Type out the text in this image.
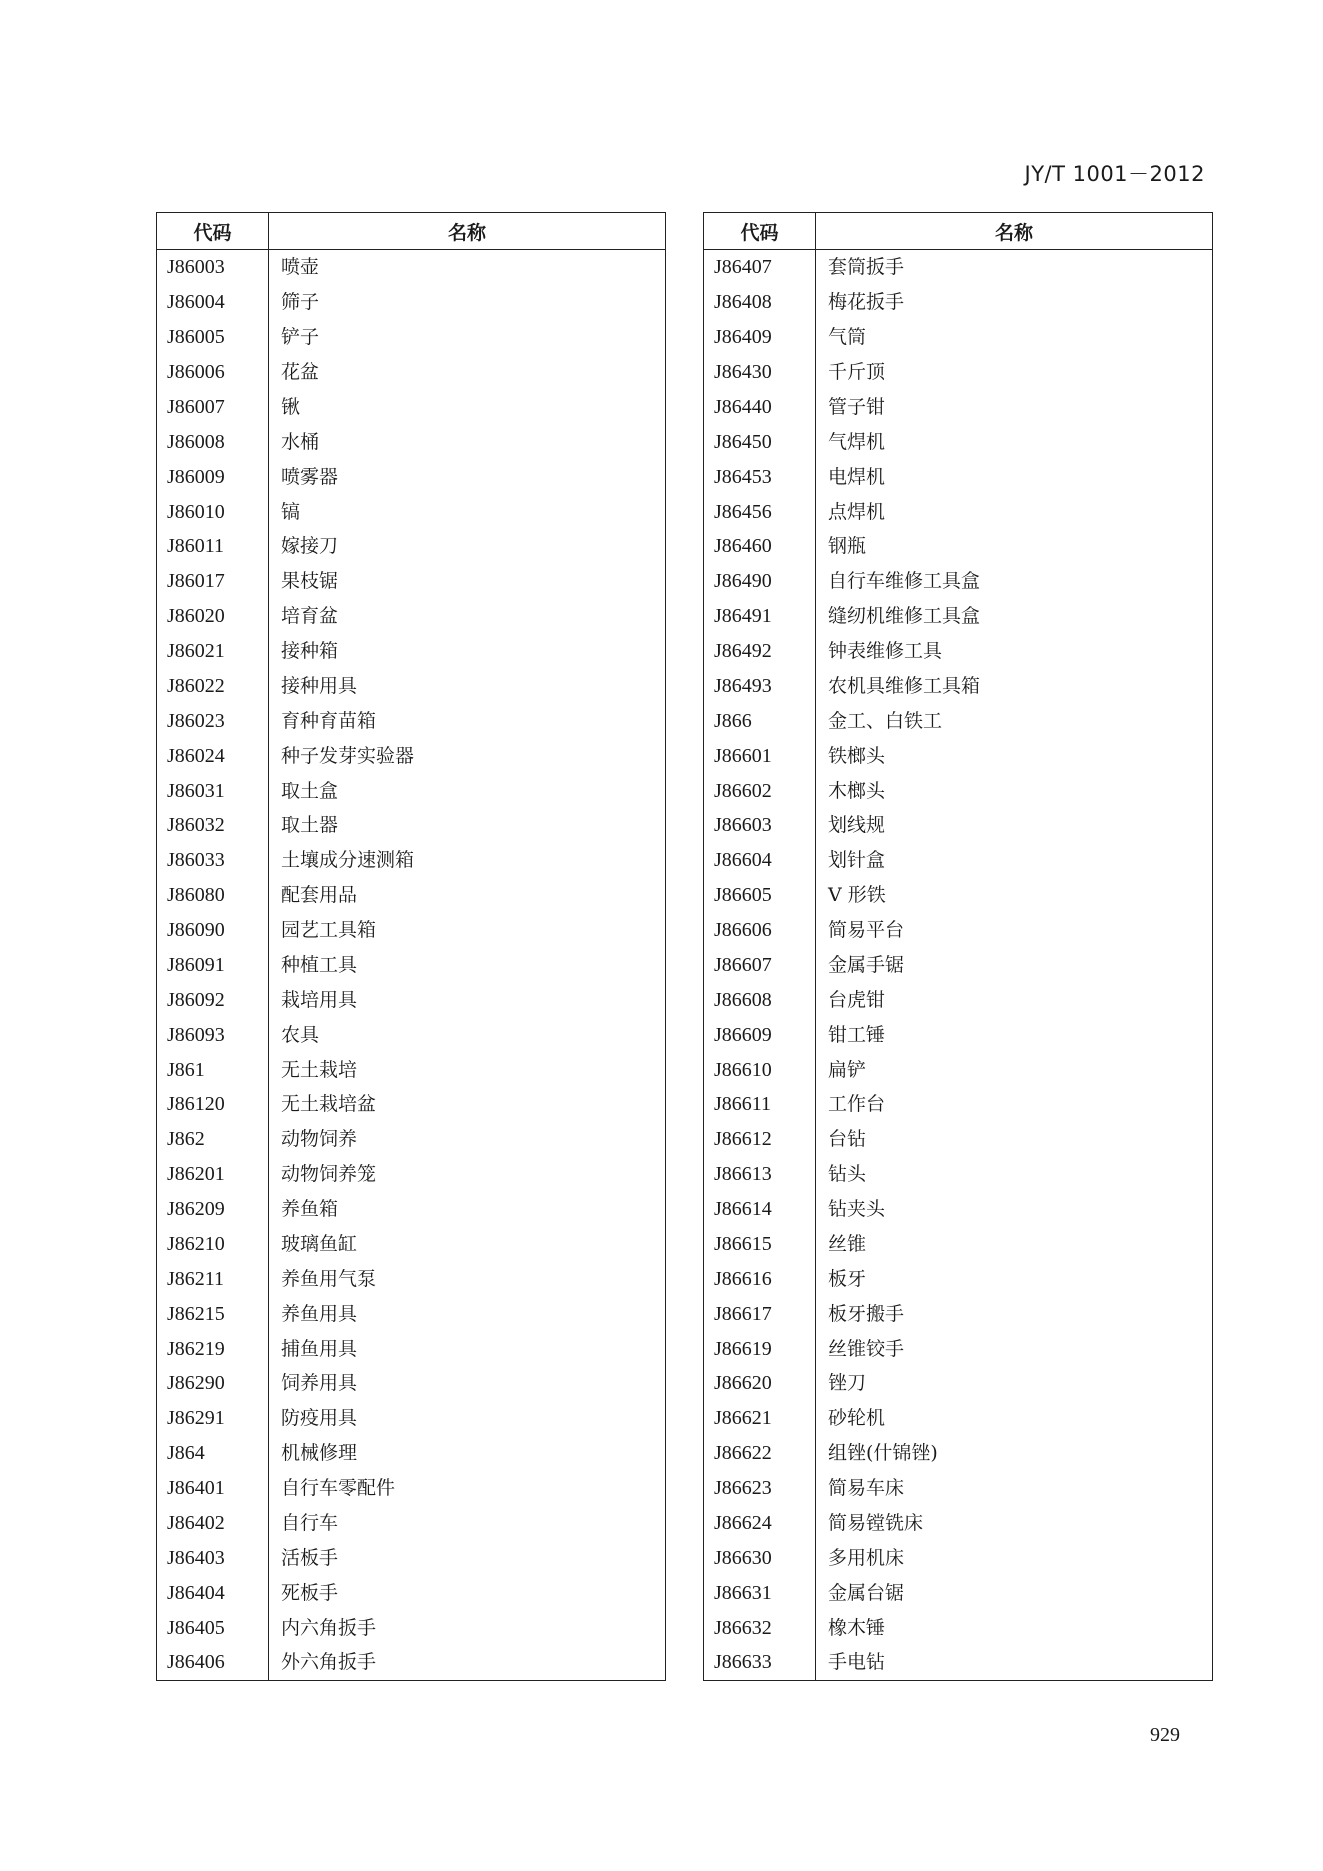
JY/T 1001－2012
代码	名称
J86003	喷壶
J86004	筛子
J86005	铲子
J86006	花盆
J86007	锹
J86008	水桶
J86009	喷雾器
J86010	镐
J86011	嫁接刀
J86017	果枝锯
J86020	培育盆
J86021	接种箱
J86022	接种用具
J86023	育种育苗箱
J86024	种子发芽实验器
J86031	取土盒
J86032	取土器
J86033	土壤成分速测箱
J86080	配套用品
J86090	园艺工具箱
J86091	种植工具
J86092	栽培用具
J86093	农具
J861	无土栽培
J86120	无土栽培盆
J862	动物饲养
J86201	动物饲养笼
J86209	养鱼箱
J86210	玻璃鱼缸
J86211	养鱼用气泵
J86215	养鱼用具
J86219	捕鱼用具
J86290	饲养用具
J86291	防疫用具
J864	机械修理
J86401	自行车零配件
J86402	自行车
J86403	活板手
J86404	死板手
J86405	内六角扳手
J86406	外六角扳手
代码	名称
J86407	套筒扳手
J86408	梅花扳手
J86409	气筒
J86430	千斤顶
J86440	管子钳
J86450	气焊机
J86453	电焊机
J86456	点焊机
J86460	钢瓶
J86490	自行车维修工具盒
J86491	缝纫机维修工具盒
J86492	钟表维修工具
J86493	农机具维修工具箱
J866	金工、白铁工
J86601	铁榔头
J86602	木榔头
J86603	划线规
J86604	划针盒
J86605	V 形铁
J86606	简易平台
J86607	金属手锯
J86608	台虎钳
J86609	钳工锤
J86610	扁铲
J86611	工作台
J86612	台钻
J86613	钻头
J86614	钻夹头
J86615	丝锥
J86616	板牙
J86617	板牙搬手
J86619	丝锥铰手
J86620	锉刀
J86621	砂轮机
J86622	组锉(什锦锉)
J86623	简易车床
J86624	简易镗铣床
J86630	多用机床
J86631	金属台锯
J86632	橡木锤
J86633	手电钻
929
